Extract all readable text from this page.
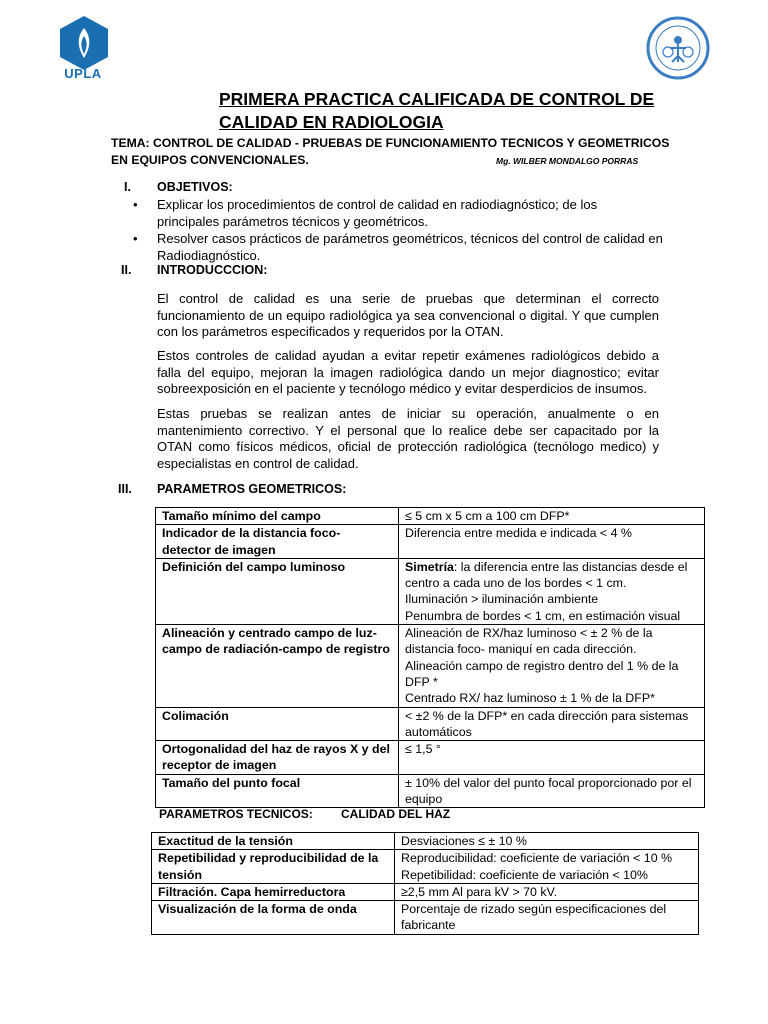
UPLA
PRIMERA PRACTICA CALIFICADA DE CONTROL DE
CALIDAD EN RADIOLOGIA
TEMA: CONTROL DE CALIDAD - PRUEBAS DE FUNCIONAMIENTO TECNICOS Y GEOMETRICOS
EN EQUIPOS CONVENCIONALES.	Mg. WILBER MONDALGO PORRAS
I. OBJETIVOS:
• Explicar los procedimientos de control de calidad en radiodiagnóstico; de los
principales parámetros técnicos y geométricos.
• Resolver casos prácticos de parámetros geométricos, técnicos del control de calidad en
Radiodiagnóstico.
II. INTRODUCCCION:
El control de calidad es una serie de pruebas que determinan el correcto funcionamiento de un equipo radiológica ya sea convencional o digital. Y que cumplen con los parámetros especificados y requeridos por la OTAN.
Estos controles de calidad ayudan a evitar repetir exámenes radiológicos debido a falla del equipo, mejoran la imagen radiológica dando un mejor diagnostico; evitar sobreexposición en el paciente y tecnólogo médico y evitar desperdicios de insumos.
Estas pruebas se realizan antes de iniciar su operación, anualmente o en mantenimiento correctivo. Y el personal que lo realice debe ser capacitado por la OTAN como físicos médicos, oficial de protección radiológica (tecnólogo medico) y especialistas en control de calidad.
III. PARAMETROS GEOMETRICOS:
Tamaño mínimo del campo	≤ 5 cm x 5 cm a 100 cm DFP*

Indicador de la distancia foco- detector de imagen	Diferencia entre medida e indicada < 4 %

Definición del campo luminoso	Simetría: la diferencia entre las distancias desde el centro a cada uno de los bordes < 1 cm.
Iluminación > iluminación ambiente
Penumbra de bordes < 1 cm, en estimación visual

Alineación y centrado campo de luz-campo de radiación-campo de registro	Alineación de RX/haz luminoso < ± 2 % de la distancia foco- maniquí en cada dirección.
Alineación campo de registro dentro del 1 % de la DFP *
Centrado RX/ haz luminoso ± 1 % de la DFP*

Colimación	< ±2 % de la DFP* en cada dirección para sistemas automáticos

Ortogonalidad del haz de rayos X y del receptor de imagen	≤ 1,5 °

Tamaño del punto focal	± 10% del valor del punto focal proporcionado por el equipo
PARAMETROS TECNICOS: CALIDAD DEL HAZ
Exactitud de la tensión	Desviaciones ≤ ± 10 %

Repetibilidad y reproducibilidad de la tensión	Reproducibilidad: coeficiente de variación < 10 %
Repetibilidad: coeficiente de variación < 10%

Filtración. Capa hemirreductora	≥2,5 mm Al para kV > 70 kV.

Visualización de la forma de onda	Porcentaje de rizado según especificaciones del fabricante
